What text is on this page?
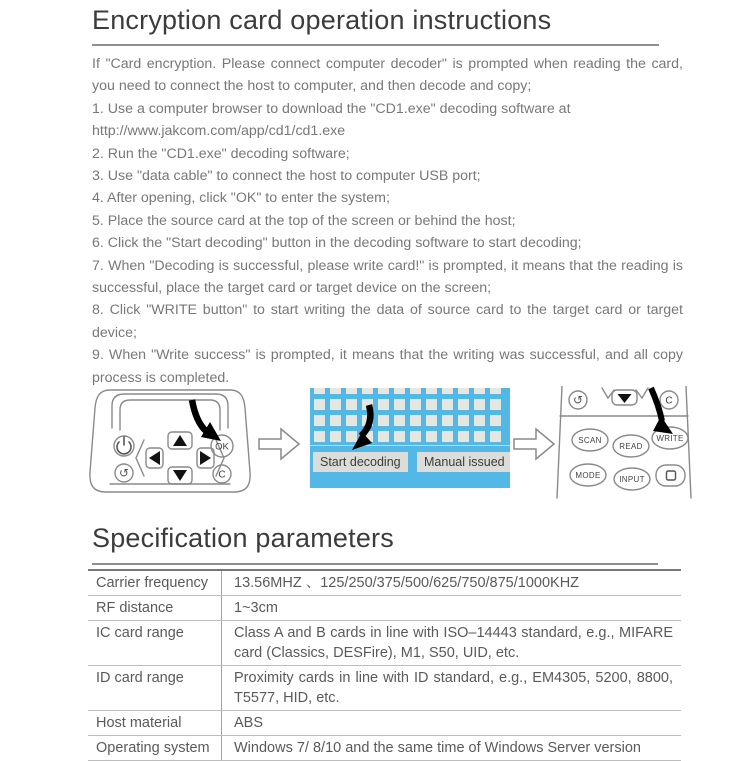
Encryption card operation instructions

If "Card encryption. Please connect computer decoder" is prompted when reading the card, you need to connect the host to computer, and then decode and copy;

1. Use a computer browser to download the "CD1.exe" decoding software at

http://www.jakcom.com/app/cd1/cd1.exe

2. Run the "CD1.exe" decoding software;

3. Use "data cable" to connect the host to computer USB port;

4. After opening, click "OK" to enter the system;

5. Place the source card at the top of the screen or behind the host;

6. Click the "Start decoding" button in the decoding software to start decoding;

7. When "Decoding is successful, please write card!" is prompted, it means that the reading is successful, place the target card or target device on the screen;

8. Click "WRITE button" to start writing the data of source card to the target card or target device;

9. When "Write success" is prompted, it means that the writing was successful, and all copy process is completed.

↺
OK
C
Start decoding	Manual issued
↺	C
SCAN
READ
WRITE
MODE INPUT
Specification parameters
Carrier frequency	13.56MHZ 、125/250/375/500/625/750/875/1000KHZ
RF distance	1~3cm
IC card range	Class A and B cards in line with ISO–14443 standard, e.g., MIFARE card (Classics, DESFire), M1, S50, UID, etc.
ID card range	Proximity cards in line with ID standard, e.g., EM4305, 5200, 8800, T5577, HID, etc.
Host material	ABS
Operating system	Windows 7/ 8/10 and the same time of Windows Server version
